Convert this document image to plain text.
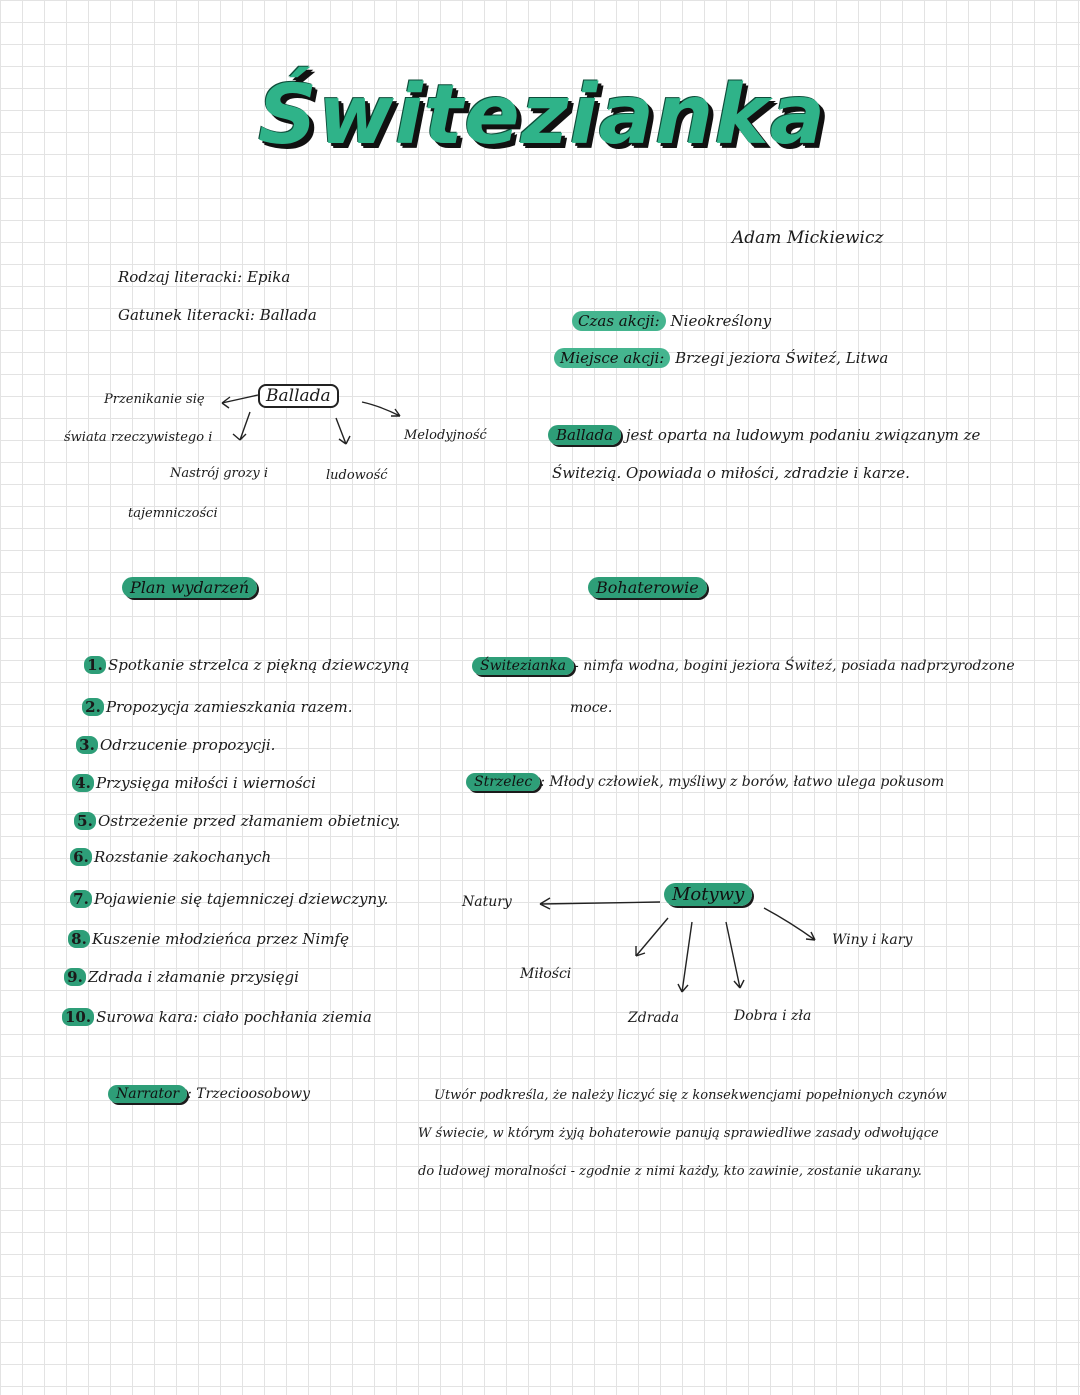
Świtezianka
Adam Mickiewicz
Rodzaj literacki: Epika
Gatunek literacki: Ballada	Czas akcji: Nieokreślony
Miejsce akcji: Brzegi jeziora Świteź, Litwa
Ballada
Przenikanie się
świata rzeczywistego i	Melodyjność
ludowość
Nastrój grozy i
tajemniczości
Ballada jest oparta na ludowym podaniu związanym ze
Świtezią. Opowiada o miłości, zdradzie i karze.
Plan wydarzeń
1. Spotkanie strzelca z piękną dziewczyną
2. Propozycja zamieszkania razem.
3. Odrzucenie propozycji.
4. Przysięga miłości i wierności
5. Ostrzeżenie przed złamaniem obietnicy.
6. Rozstanie zakochanych
7. Pojawienie się tajemniczej dziewczyny.
8. Kuszenie młodzieńca przez Nimfę
9. Zdrada i złamanie przysięgi
10. Surowa kara: ciało pochłania ziemia
Bohaterowie
Świtezianka - nimfa wodna, bogini jeziora Świteź, posiada nadprzyrodzone
moce.
Strzelec : Młody człowiek, myśliwy z borów, łatwo ulega pokusom
Motywy
Natury
Winy i kary
Miłości
Zdrada	Dobra i zła
Narrator : Trzecioosobowy	Utwór podkreśla, że należy liczyć się z konsekwencjami popełnionych czynów
W świecie, w którym żyją bohaterowie panują sprawiedliwe zasady odwołujące
do ludowej moralności - zgodnie z nimi każdy, kto zawinie, zostanie ukarany.
